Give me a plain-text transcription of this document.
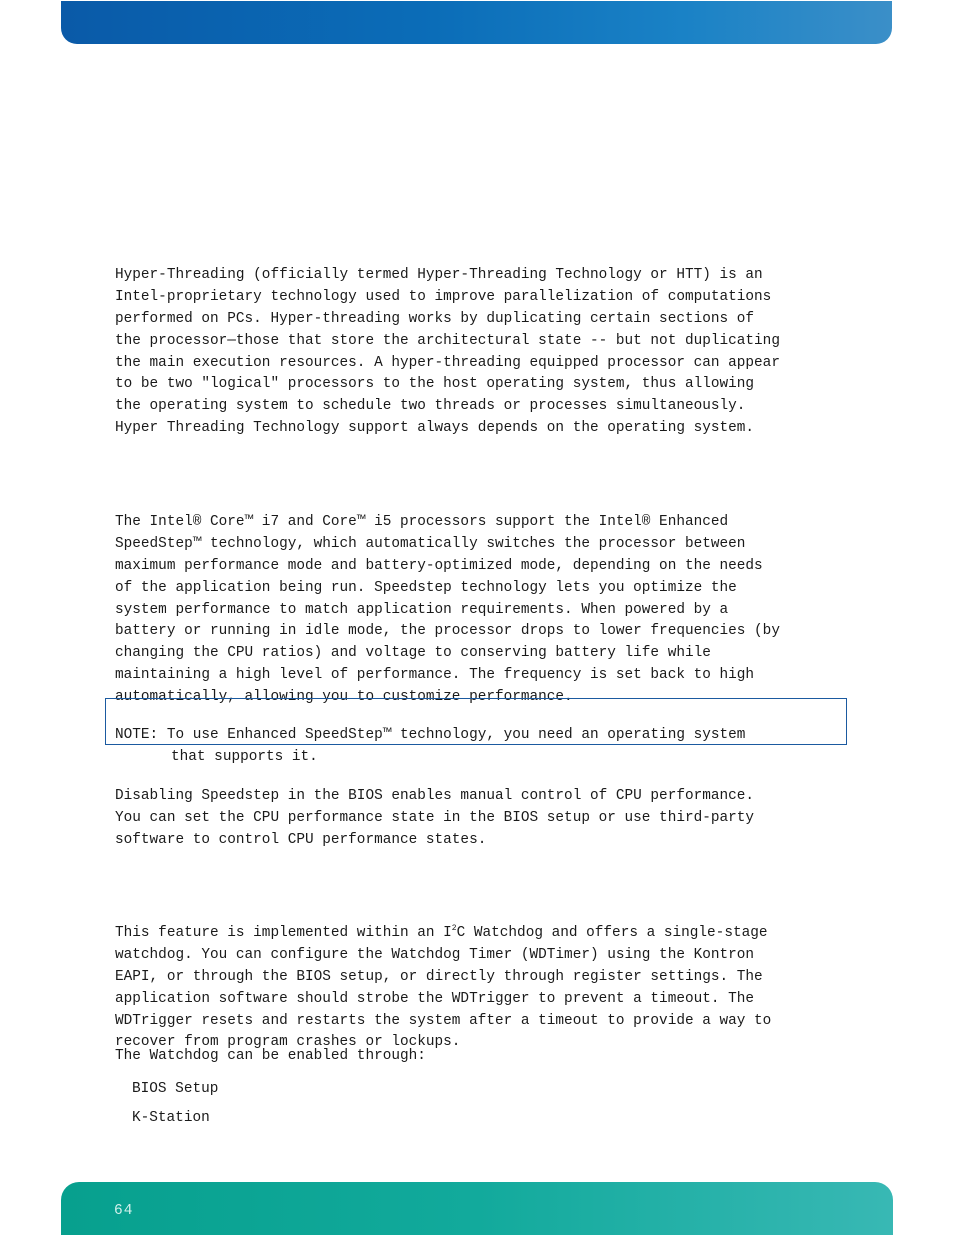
Hyper-Threading (officially termed Hyper-Threading Technology or HTT) is an
Intel-proprietary technology used to improve parallelization of computations
performed on PCs. Hyper-threading works by duplicating certain sections of
the processor—those that store the architectural state -- but not duplicating
the main execution resources. A hyper-threading equipped processor can appear
to be two "logical" processors to the host operating system, thus allowing
the operating system to schedule two threads or processes simultaneously.
Hyper Threading Technology support always depends on the operating system.

The Intel® Core™ i7 and Core™ i5 processors support the Intel® Enhanced
SpeedStep™ technology, which automatically switches the processor between
maximum performance mode and battery-optimized mode, depending on the needs
of the application being run. Speedstep technology lets you optimize the
system performance to match application requirements. When powered by a
battery or running in idle mode, the processor drops to lower frequencies (by
changing the CPU ratios) and voltage to conserving battery life while
maintaining a high level of performance. The frequency is set back to high
automatically, allowing you to customize performance.

NOTE: To use Enhanced SpeedStep™ technology, you need an operating system
that supports it.

Disabling Speedstep in the BIOS enables manual control of CPU performance.
You can set the CPU performance state in the BIOS setup or use third-party
software to control CPU performance states.

This feature is implemented within an $I^2C$ Watchdog and offers a single-stage
watchdog. You can configure the Watchdog Timer (WDTimer) using the Kontron
EAPI, or through the BIOS setup, or directly through register settings. The
application software should strobe the WDTrigger to prevent a timeout. The
WDTrigger resets and restarts the system after a timeout to provide a way to
recover from program crashes or lockups.

The Watchdog can be enabled through:

BIOS Setup

K-Station

64
